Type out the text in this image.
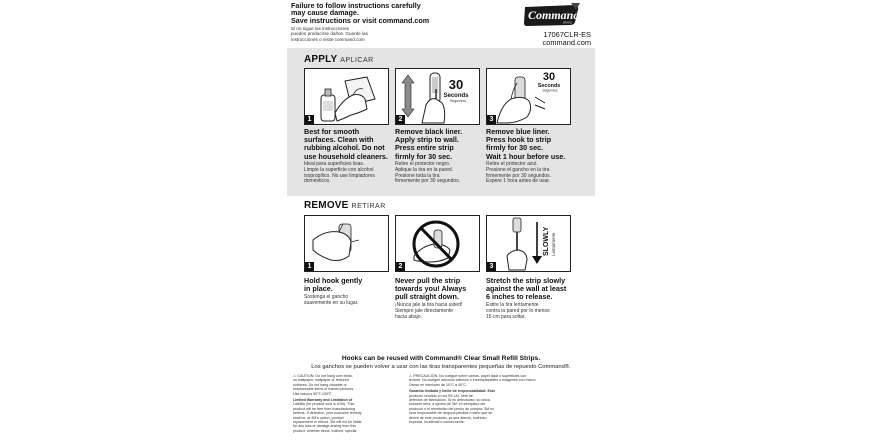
Failure to follow instructions carefully
may cause damage.
Save instructions or visit command.com
Si no sigue las instrucciones
pueden producirse daños. Guarde las
instrucciones o visite command.com
Command
BRAND
17067CLR-ES
command.com
APPLY APLICAR
1
30
Seconds
Segundos
2
30
Seconds
Segundos
3
Best for smooth
surfaces. Clean with
rubbing alcohol. Do not
use household cleaners.
Ideal para superficies lisas.
Limpie la superficie con alcohol
isopropílico. No use limpiadores
domésticos.
Remove black liner.
Apply strip to wall.
Press entire strip
firmly for 30 sec.
Retire el protector negro.
Aplique la tira en la pared.
Presione toda la tira
firmemente por 30 segundos.
Remove blue liner.
Press hook to strip
firmly for 30 sec.
Wait 1 hour before use.
Retire el protector azul.
Presione el gancho en la tira
firmemente por 30 segundos.
Espere 1 hora antes de usar.
REMOVE RETIRAR
1	2
SLOWLY Lentamente
3
Hold hook gently
in place.
Sostenga el gancho
suavemente en su lugar.
Never pull the strip
towards you! Always
pull straight down.
¡Nunca jale la tira hacia usted!
Siempre jale directamente
hacia abajo.
Stretch the strip slowly
against the wall at least
6 inches to release.
Estire la tira lentamente
contra la pared por lo menos
15 cm para soltar.
Hooks can be reused with Command® Clear Small Refill Strips.
Los ganchos se pueden volver a usar con las tiras transparentes pequeñas de repuesto Command®.
⚠ CAUTION: Do not hang over beds,
on wallpaper, wallpaper or textured
surfaces. Do not hang valuable or
irreplaceable items or framed pictures.
Use indoors 50°F-105°F.
Limited Warranty and Limitation of
Liability (for product sold in USA): This
product will be free from manufacturing
defects. If defective, your exclusive remedy
shall be, at 3M's option, product
replacement or refund. 3M will not be liable
for any loss or damage arising from this
product, whether direct, indirect, special,
⚠ PRECAUCIÓN: No cuelgue sobre camas, papel tapiz o superficies con
textura. No cuelgue artículos valiosos o irreemplazables o imágenes con marco.
Úsese en interiores de 10°C a 40°C.
Garantía limitada y límite de responsabilidad: Este
producto vendido en los EE.UU. libre de
defectos de fabricación. Si es defectuoso, su única
solución será, a opción de 3M, el reemplazo del
producto o el reembolso del precio de compra. 3M no
será responsable de ninguna pérdida o daño que se
derive de este producto, ya sea directo, indirecto,
especial, incidental o consecuente.
